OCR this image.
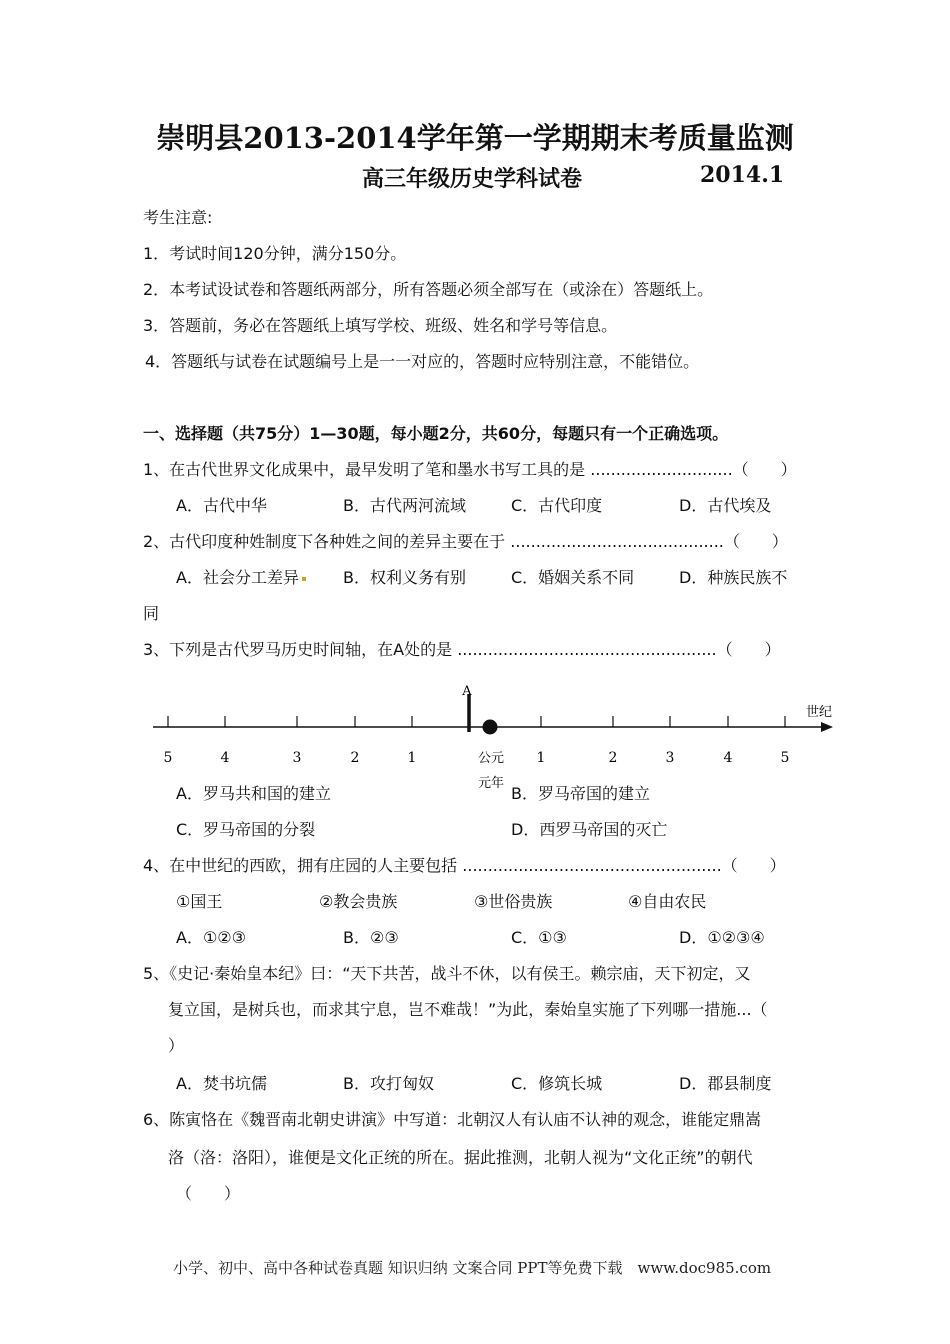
崇明县2013-2014学年第一学期期末考质量监测
高三年级历史学科试卷	2014.1
考生注意:
1．考试时间120分钟，满分150分。
2．本考试设试卷和答题纸两部分，所有答题必须全部写在（或涂在）答题纸上。
3．答题前，务必在答题纸上填写学校、班级、姓名和学号等信息。
4．答题纸与试卷在试题编号上是一一对应的，答题时应特别注意，不能错位。
一、选择题（共75分）1—30题，每小题2分，共60分，每题只有一个正确选项。
1、在古代世界文化成果中，最早发明了笔和墨水书写工具的是 ............................（　　）
A．古代中华	B．古代两河流域	C．古代印度	D．古代埃及
2、古代印度种姓制度下各种姓之间的差异主要在于 ..........................................（　　）
A．社会分工差异	B．权利义务有别	C．婚姻关系不同	D．种族民族不
同
3、下列是古代罗马历史时间轴，在A处的是 ...................................................（　　）
A
世纪
5	4	3	2	1	公元
元年
1	2	3	4	5
A．罗马共和国的建立	B．罗马帝国的建立
C．罗马帝国的分裂	D．西罗马帝国的灭亡
4、在中世纪的西欧，拥有庄园的人主要包括 ...................................................（　　）
①国王	②教会贵族	③世俗贵族	④自由农民
A．①②③	B．②③	C．①③	D．①②③④
5、《史记·秦始皇本纪》曰：“天下共苦，战斗不休，以有侯王。赖宗庙，天下初定，又
复立国，是树兵也，而求其宁息，岂不难哉！”为此，秦始皇实施了下列哪一措施...（
）
A．焚书坑儒	B．攻打匈奴	C．修筑长城	D．郡县制度
6、陈寅恪在《魏晋南北朝史讲演》中写道：北朝汉人有认庙不认神的观念，谁能定鼎嵩
洛（洛：洛阳），谁便是文化正统的所在。据此推测，北朝人视为“文化正统”的朝代
（　　）
小学、初中、高中各种试卷真题 知识归纳 文案合同 PPT等免费下载　www.doc985.com
